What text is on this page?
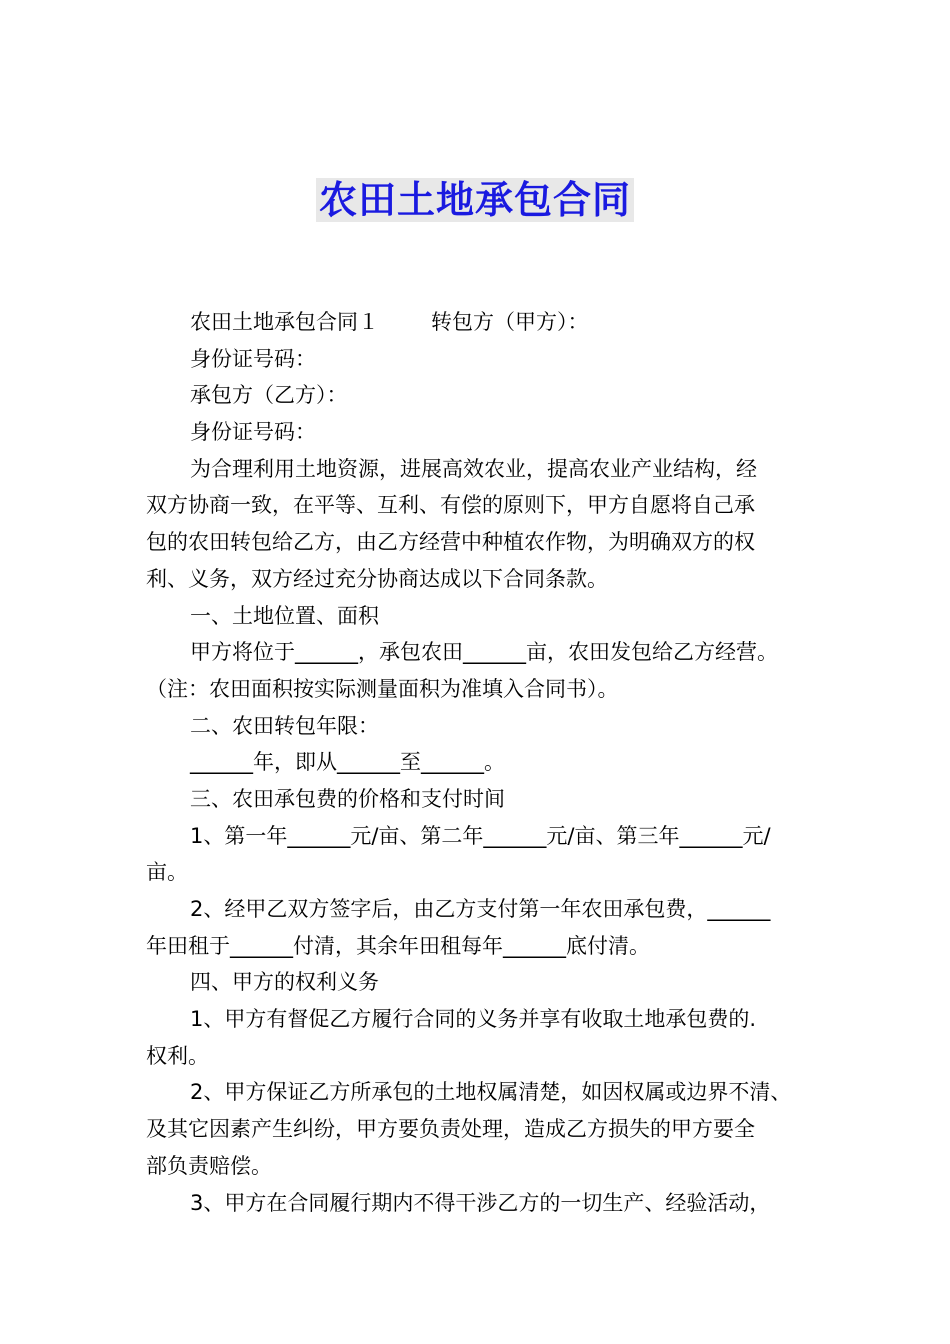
农田土地承包合同
农田土地承包合同１ 转包方（甲方）：
身份证号码：
承包方（乙方）：
身份证号码：
为合理利用土地资源，进展高效农业，提高农业产业结构，经
双方协商一致，在平等、互利、有偿的原则下，甲方自愿将自己承
包的农田转包给乙方，由乙方经营中种植农作物，为明确双方的权
利、义务，双方经过充分协商达成以下合同条款。
一、土地位置、面积
甲方将位于______，承包农田______亩，农田发包给乙方经营。
（注：农田面积按实际测量面积为准填入合同书）。
二、农田转包年限：
______年，即从______至______。
三、农田承包费的价格和支付时间
1、第一年______元/亩、第二年______元/亩、第三年______元/
亩。
2、经甲乙双方签字后，由乙方支付第一年农田承包费，______
年田租于______付清，其余年田租每年______底付清。
四、甲方的权利义务
1、甲方有督促乙方履行合同的义务并享有收取土地承包费的.
权利。
2、甲方保证乙方所承包的土地权属清楚，如因权属或边界不清、
及其它因素产生纠纷，甲方要负责处理，造成乙方损失的甲方要全
部负责赔偿。
3、甲方在合同履行期内不得干涉乙方的一切生产、经验活动，
